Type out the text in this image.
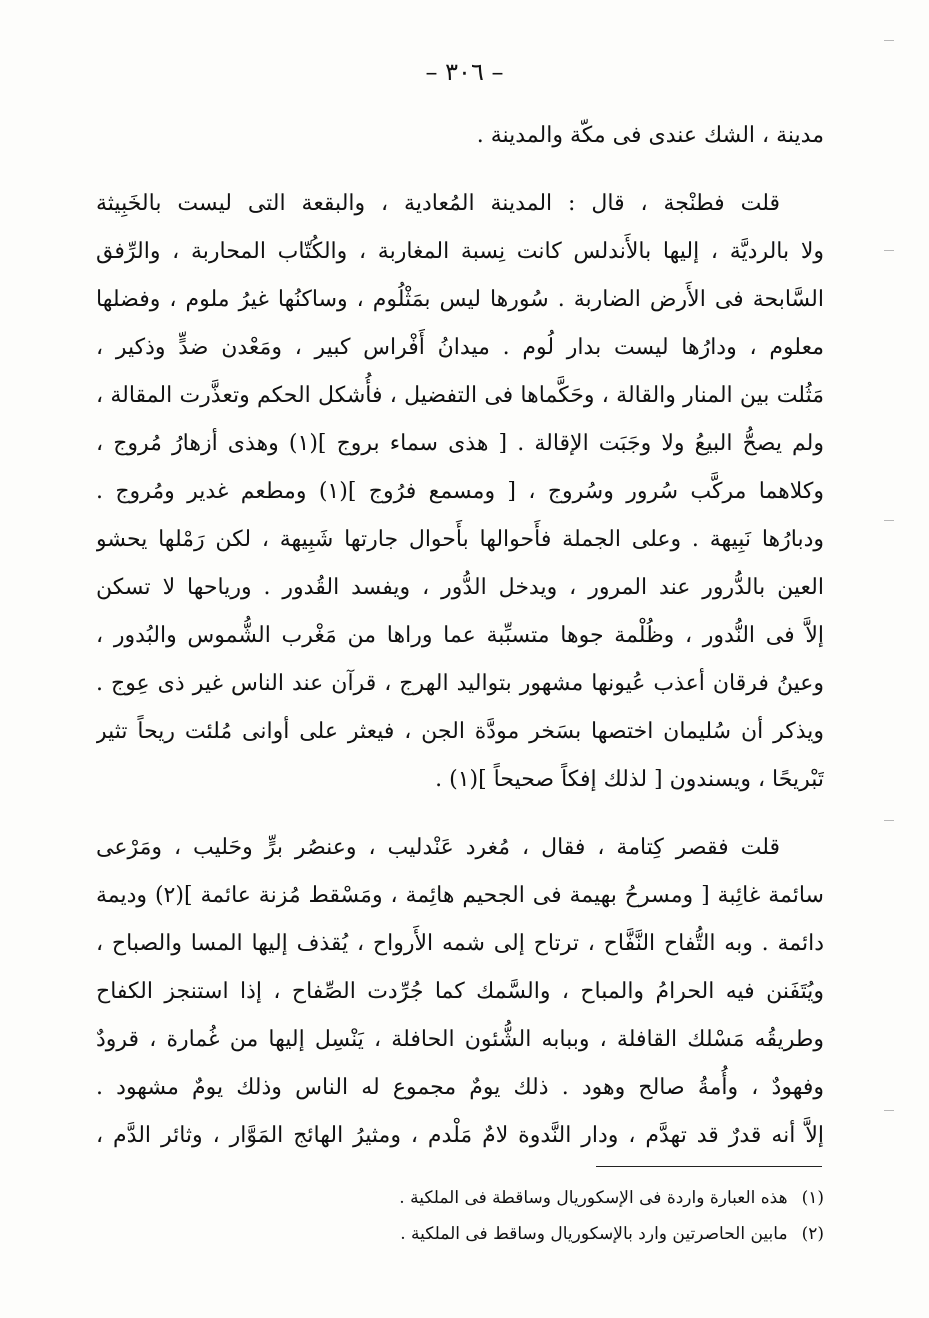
– ٣٠٦ –
مدينة ، الشك عندى فى مكّة والمدينة .
قلت فطنْجة ، قال : المدينة المُعادية ، والبقعة التى ليست بالخَبِيثة
ولا بالرديَّة ، إليها بالأَندلس كانت نِسبة المغاربة ، والكُتّاب المحاربة ، والرِّفق
السَّابحة فى الأَرض الضاربة . سُورها ليس بمَثْلُوم ، وساكنُها غيرُ ملوم ، وفضلها
معلوم ، ودارُها ليست بدار لُوم . ميدانُ أَفْراس كبير ، ومَعْدن ضدٍّ وذكير ،
مَثُلت بين المنار والقالة ، وحَكَّماها فى التفضيل ، فأُشكل الحكم وتعذَّرت المقالة ،
ولم يصحُّ البيعُ ولا وجَبَت الإقالة . [ هذى سماء بروج ](١) وهذى أزهارُ مُروج ،
وكلاهما مركَّب سُرور وسُروج ، [ ومسمع فرُوج ](١) ومطعم غدير ومُروج .
ودبارُها نَبِيهة . وعلى الجملة فأَحوالها بأَحوال جارتها شَبِيهة ، لكن رَمْلها يحشو
العين بالدُّرور عند المرور ، ويدخل الدُّور ، ويفسد القُدور . ورياحها لا تسكن
إلاَّ فى النُّدور ، وظُلْمة جوها متسبِّبة عما وراها من مَغْرب الشُّموس والبُدور ،
وعينُ فرقان أعذب عُيونها مشهور بتواليد الهرج ، قرآن عند الناس غير ذى عِوج .
ويذكر أن سُليمان اختصها بسَخر مودَّة الجن ، فيعثر على أوانى مُلئت ريحاً تثير
تَبْريحًا ، ويسندون [ لذلك إفكاً صحيحاً ](١) .
قلت فقصر كِتامة ، فقال ، مُغرد عَنْدليب ، وعنصُر برٍّ وحَليب ، ومَرْعى
سائمة غائِبة [ ومسرحُ بهيمة فى الجحيم هائِمة ، ومَسْقط مُزنة عائمة ](٢) وديمة
دائمة . وبه التُّفاح النَّفَّاح ، ترتاح إلى شمه الأَرواح ، يُقذف إليها المسا والصباح ،
ويُتَفَنن فيه الحرامُ والمباح ، والسَّمك كما جُرِّدت الصِّفاح ، إذا استنجز الكفاح
وطريقُه مَسْلك القافلة ، وببابه الشُّئون الحافلة ، يَنْسِل إليها من غُمارة ، قرودٌ
وفهودٌ ، وأُمةُ صالح وهود . ذلك يومٌ مجموع له الناس وذلك يومٌ مشهود .
إلاَّ أنه قدرٌ قد تهدَّم ، ودار النَّدوة لامٌ مَلْدم ، ومثيرُ الهائج المَوَّار ، وثائر الدَّم ،
(١)هذه العبارة واردة فى الإسكوريال وساقطة فى الملكية .
(٢)مابين الحاصرتين وارد بالإسكوريال وساقط فى الملكية .
